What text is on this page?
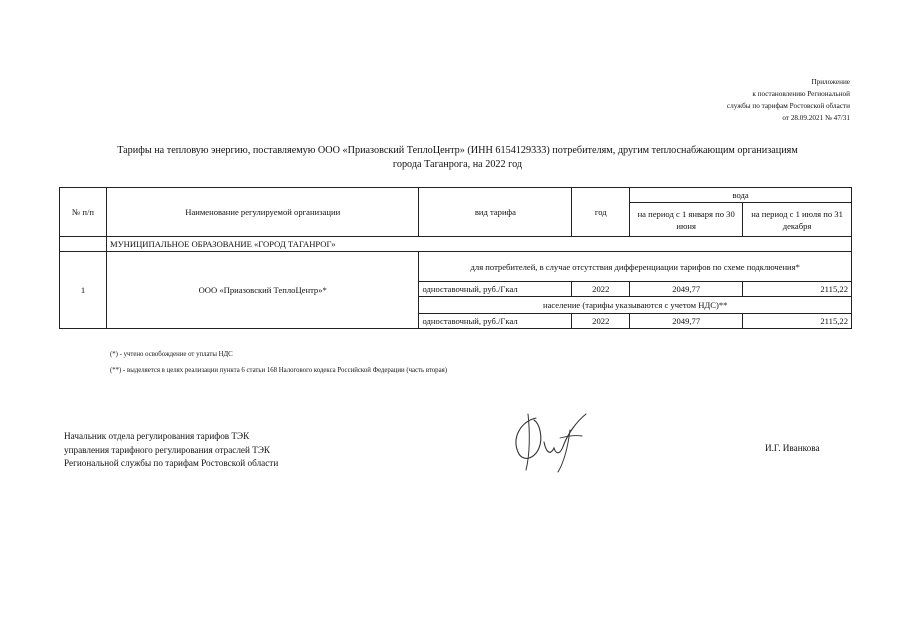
Приложение
к постановлению Региональной
службы по тарифам Ростовской области
от 28.09.2021 № 47/31
Тарифы на тепловую энергию, поставляемую ООО «Приазовский ТеплоЦентр» (ИНН 6154129333) потребителям, другим теплоснабжающим организациям
города Таганрога, на 2022 год
№ п/п	Наименование регулируемой организации	вид тарифа	год	вода	
				на период с 1 января по 30 июня	на период с 1 июля по 31 декабря
	МУНИЦИПАЛЬНОЕ ОБРАЗОВАНИЕ «ГОРОД ТАГАНРОГ»				
1	ООО «Приазовский ТеплоЦентр»*	для потребителей, в случае отсутствия дифференциации тарифов по схеме подключения*			
		одноставочный, руб./Гкал	2022	2049,77	2115,22
		население (тарифы указываются с учетом НДС)**			
		одноставочный, руб./Гкал	2022	2049,77	2115,22
(*) - учтено освобождение от уплаты НДС
(**) - выделяется в целях реализации пункта 6 статьи 168 Налогового кодекса Российской Федерации (часть вторая)
Начальник отдела регулирования тарифов ТЭК
управления тарифного регулирования отраслей ТЭК
Региональной службы по тарифам Ростовской области
И.Г. Иванкова
